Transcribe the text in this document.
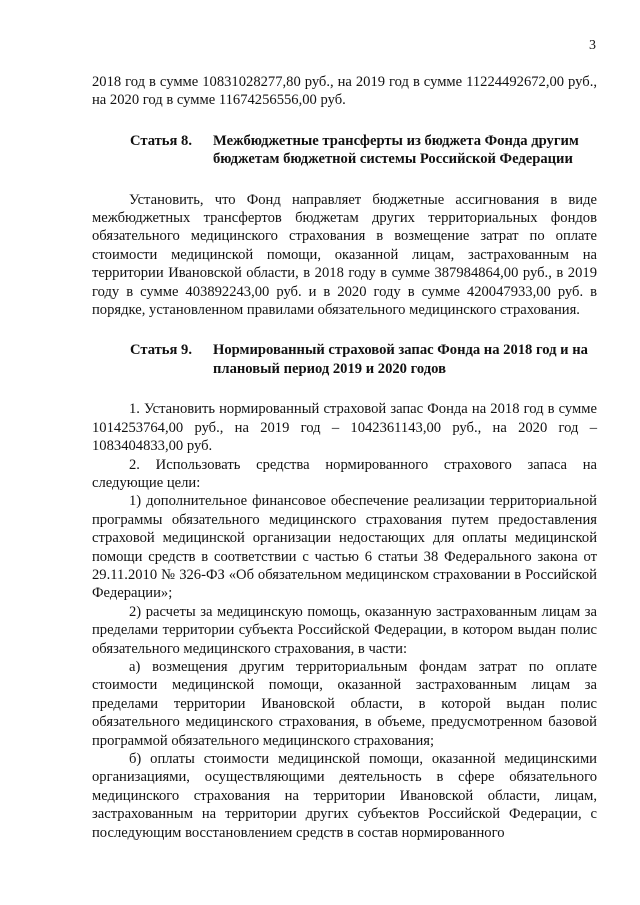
3

2018 год в сумме 10831028277,80 руб., на 2019 год в сумме 11224492672,00 руб., на 2020 год в сумме 11674256556,00 руб.

Статья 8.	Межбюджетные трансферты из бюджета Фонда другим бюджетам бюджетной системы Российской Федерации

Установить, что Фонд направляет бюджетные ассигнования в виде межбюджетных трансфертов бюджетам других территориальных фондов обязательного медицинского страхования в возмещение затрат по оплате стоимости медицинской помощи, оказанной лицам, застрахованным на территории Ивановской области, в 2018 году в сумме 387984864,00 руб., в 2019 году в сумме 403892243,00 руб. и в 2020 году в сумме 420047933,00 руб. в порядке, установленном правилами обязательного медицинского страхования.

Статья 9.	Нормированный страховой запас Фонда на 2018 год и на плановый период 2019 и 2020 годов

1. Установить нормированный страховой запас Фонда на 2018 год в сумме 1014253764,00 руб., на 2019 год – 1042361143,00 руб., на 2020 год – 1083404833,00 руб.

2. Использовать средства нормированного страхового запаса на следующие цели:

1) дополнительное финансовое обеспечение реализации территориальной программы обязательного медицинского страхования путем предоставления страховой медицинской организации недостающих для оплаты медицинской помощи средств в соответствии с частью 6 статьи 38 Федерального закона от 29.11.2010 № 326-ФЗ «Об обязательном медицинском страховании в Российской Федерации»;

2) расчеты за медицинскую помощь, оказанную застрахованным лицам за пределами территории субъекта Российской Федерации, в котором выдан полис обязательного медицинского страхования, в части:

а) возмещения другим территориальным фондам затрат по оплате стоимости медицинской помощи, оказанной застрахованным лицам за пределами территории Ивановской области, в которой выдан полис обязательного медицинского страхования, в объеме, предусмотренном базовой программой обязательного медицинского страхования;

б) оплаты стоимости медицинской помощи, оказанной медицинскими организациями, осуществляющими деятельность в сфере обязательного медицинского страхования на территории Ивановской области, лицам, застрахованным на территории других субъектов Российской Федерации, с последующим восстановлением средств в состав нормированного
